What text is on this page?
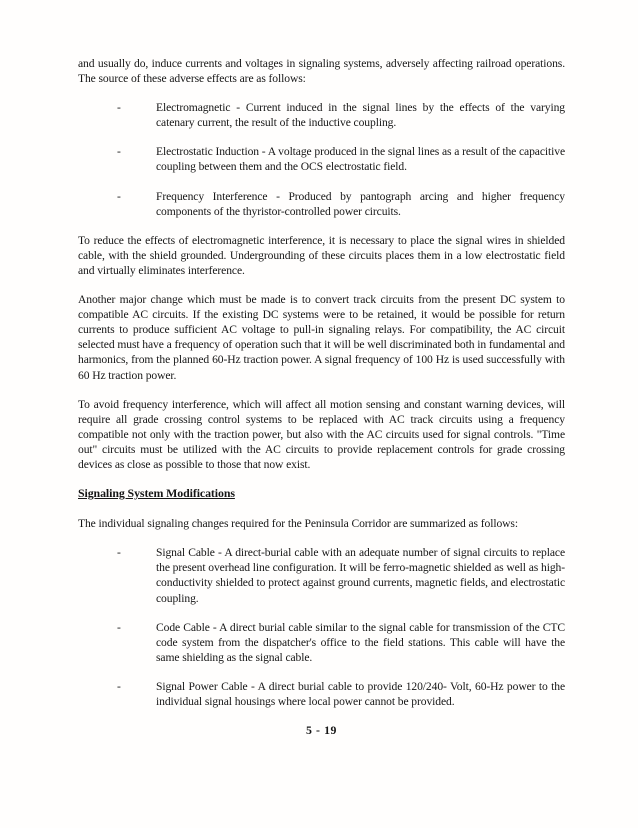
and usually do, induce currents and voltages in signaling systems, adversely affecting railroad operations. The source of these adverse effects are as follows:

-	Electromagnetic - Current induced in the signal lines by the effects of the varying catenary current, the result of the inductive coupling.
-	Electrostatic Induction - A voltage produced in the signal lines as a result of the capacitive coupling between them and the OCS electrostatic field.
-	Frequency Interference - Produced by pantograph arcing and higher frequency components of the thyristor-controlled power circuits.

To reduce the effects of electromagnetic interference, it is necessary to place the signal wires in shielded cable, with the shield grounded. Undergrounding of these circuits places them in a low electrostatic field and virtually eliminates interference.

Another major change which must be made is to convert track circuits from the present DC system to compatible AC circuits. If the existing DC systems were to be retained, it would be possible for return currents to produce sufficient AC voltage to pull-in signaling relays. For compatibility, the AC circuit selected must have a frequency of operation such that it will be well discriminated both in fundamental and harmonics, from the planned 60-Hz traction power. A signal frequency of 100 Hz is used successfully with 60 Hz traction power.

To avoid frequency interference, which will affect all motion sensing and constant warning devices, will require all grade crossing control systems to be replaced with AC track circuits using a frequency compatible not only with the traction power, but also with the AC circuits used for signal controls. "Time out" circuits must be utilized with the AC circuits to provide replacement controls for grade crossing devices as close as possible to those that now exist.

Signaling System Modifications

The individual signaling changes required for the Peninsula Corridor are summarized as follows:

-	Signal Cable - A direct-burial cable with an adequate number of signal circuits to replace the present overhead line configuration. It will be ferro-magnetic shielded as well as high-conductivity shielded to protect against ground currents, magnetic fields, and electrostatic coupling.
-	Code Cable - A direct burial cable similar to the signal cable for transmission of the CTC code system from the dispatcher's office to the field stations. This cable will have the same shielding as the signal cable.
-	Signal Power Cable - A direct burial cable to provide 120/240- Volt, 60-Hz power to the individual signal housings where local power cannot be provided.
5 - 19
